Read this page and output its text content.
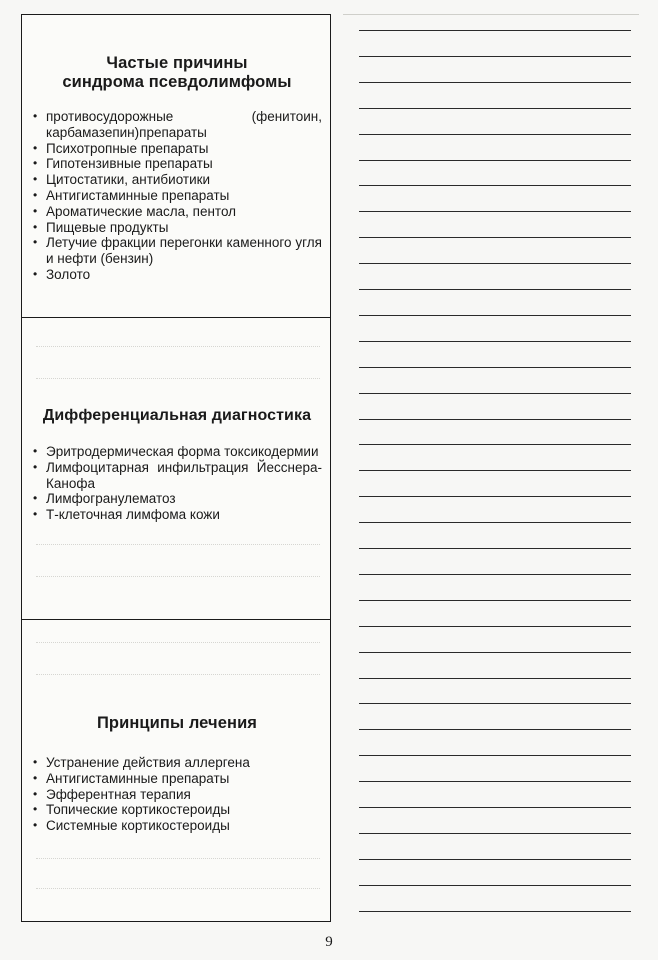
Частые причины
синдрома псевдолимфомы
• противосудорожные (фенитоин, карбамазепин)препараты
• Психотропные препараты
• Гипотензивные препараты
• Цитостатики, антибиотики
• Антигистаминные препараты
• Ароматические масла, пентол
• Пищевые продукты
• Летучие фракции перегонки каменного угля и нефти (бензин)
• Золото
Дифференциальная диагностика
• Эритродермическая форма токсикодермии
• Лимфоцитарная инфильтрация Йесснера-Канофа
• Лимфогранулематоз
• Т-клеточная лимфома кожи
Принципы лечения
• Устранение действия аллергена
• Антигистаминные препараты
• Эфферентная терапия
• Топические кортикостероиды
• Системные кортикостероиды
9
